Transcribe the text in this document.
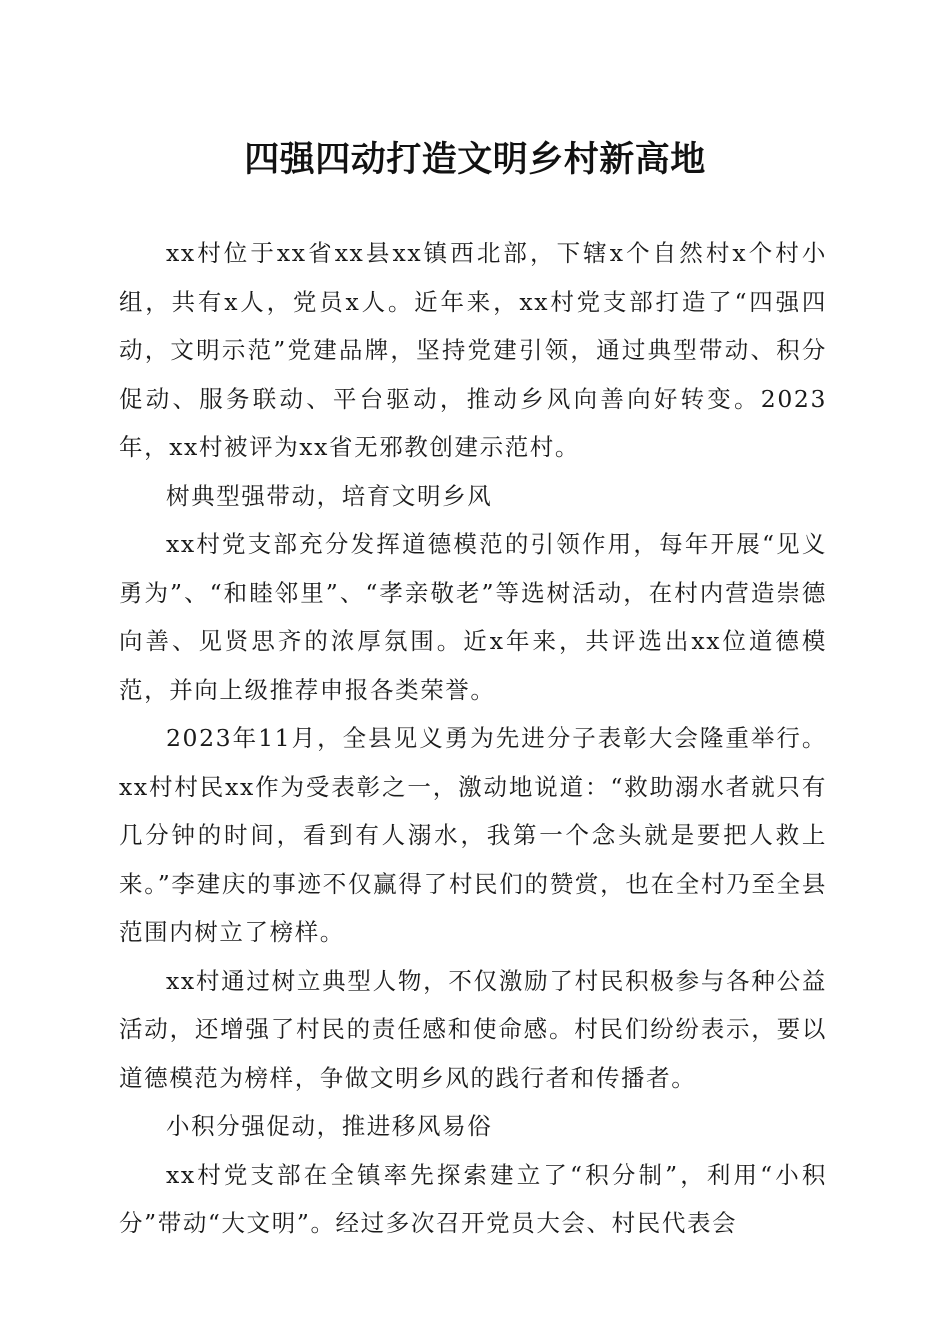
四强四动打造文明乡村新高地

xx村位于xx省xx县xx镇西北部，下辖x个自然村x个村小组，共有x人，党员x人。近年来，xx村党支部打造了“四强四动，文明示范”党建品牌，坚持党建引领，通过典型带动、积分促动、服务联动、平台驱动，推动乡风向善向好转变。2023年，xx村被评为xx省无邪教创建示范村。

树典型强带动，培育文明乡风

xx村党支部充分发挥道德模范的引领作用，每年开展“见义勇为”、“和睦邻里”、“孝亲敬老”等选树活动，在村内营造崇德向善、见贤思齐的浓厚氛围。近x年来，共评选出xx位道德模范，并向上级推荐申报各类荣誉。

2023年11月，全县见义勇为先进分子表彰大会隆重举行。xx村村民xx作为受表彰之一，激动地说道：“救助溺水者就只有几分钟的时间，看到有人溺水，我第一个念头就是要把人救上来。”李建庆的事迹不仅赢得了村民们的赞赏，也在全村乃至全县范围内树立了榜样。

xx村通过树立典型人物，不仅激励了村民积极参与各种公益活动，还增强了村民的责任感和使命感。村民们纷纷表示，要以道德模范为榜样，争做文明乡风的践行者和传播者。

小积分强促动，推进移风易俗

xx村党支部在全镇率先探索建立了“积分制”，利用“小积分”带动“大文明”。经过多次召开党员大会、村民代表会
